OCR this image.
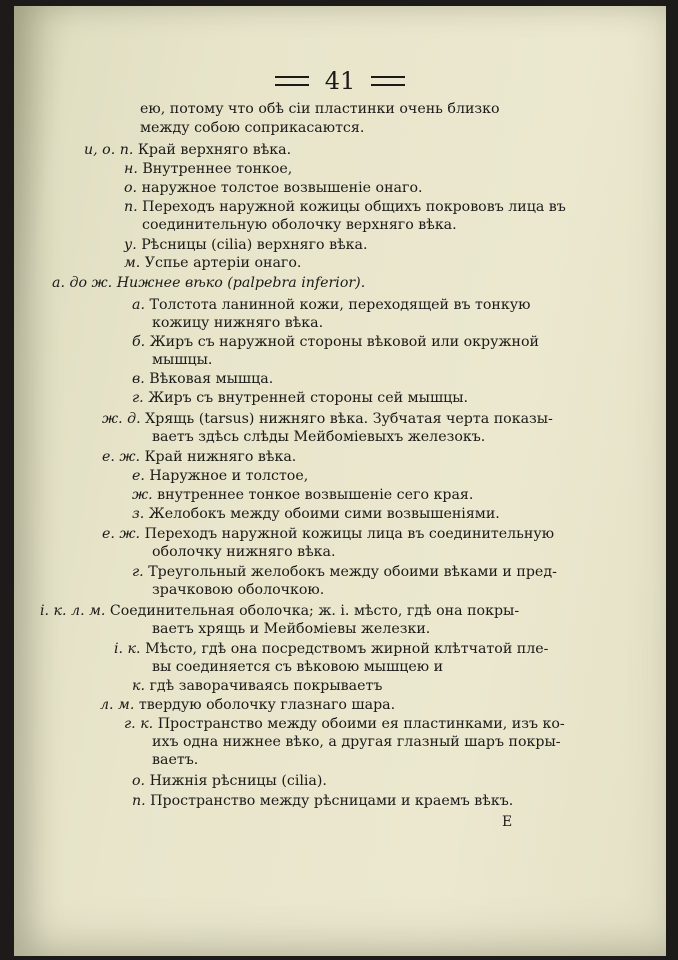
41
ею, потому что обѣ сіи пластинки очень близко
между собою соприкасаются.
и, о. п. Край верхняго вѣка.
н. Внутреннее тонкое,
о. наружное толстое возвышеніе онаго.
п. Переходъ наружной кожицы общихъ покрововъ лица въ
соединительную оболочку верхняго вѣка.
у. Рѣсницы (cilia) верхняго вѣка.
м. Успье артеріи онаго.
а. до ж. Нижнее вѣко (palpebra inferior).
а. Толстота ланинной кожи, переходящей въ тонкую
кожицу нижняго вѣка.
б. Жиръ съ наружной стороны вѣковой или окружной
мышцы.
в. Вѣковая мышца.
г. Жиръ съ внутренней стороны сей мышцы.
ж. д. Хрящь (tarsus) нижняго вѣка. Зубчатая черта показы-
ваетъ здѣсь слѣды Мейбоміевыхъ железокъ.
е. ж. Край нижняго вѣка.
е. Наружное и толстое,
ж. внутреннее тонкое возвышеніе сего края.
з. Желобокъ между обоими сими возвышеніями.
е. ж. Переходъ наружной кожицы лица въ соединительную
оболочку нижняго вѣка.
г. Треугольный желобокъ между обоими вѣками и пред-
зрачковою оболочкою.
і. к. л. м. Соединительная оболочка; ж. і. мѣсто, гдѣ она покры-
ваетъ хрящь и Мейбоміевы железки.
і. к. Мѣсто, гдѣ она посредствомъ жирной клѣтчатой пле-
вы соединяется съ вѣковою мышцею и
к. гдѣ заворачиваясь покрываетъ
л. м. твердую оболочку глазнаго шара.
г. к. Пространство между обоими ея пластинками, изъ ко-
ихъ одна нижнее вѣко, а другая глазный шаръ покры-
ваетъ.
о. Нижнія рѣсницы (cilia).
п. Пространство между рѣсницами и краемъ вѣкъ.
E
